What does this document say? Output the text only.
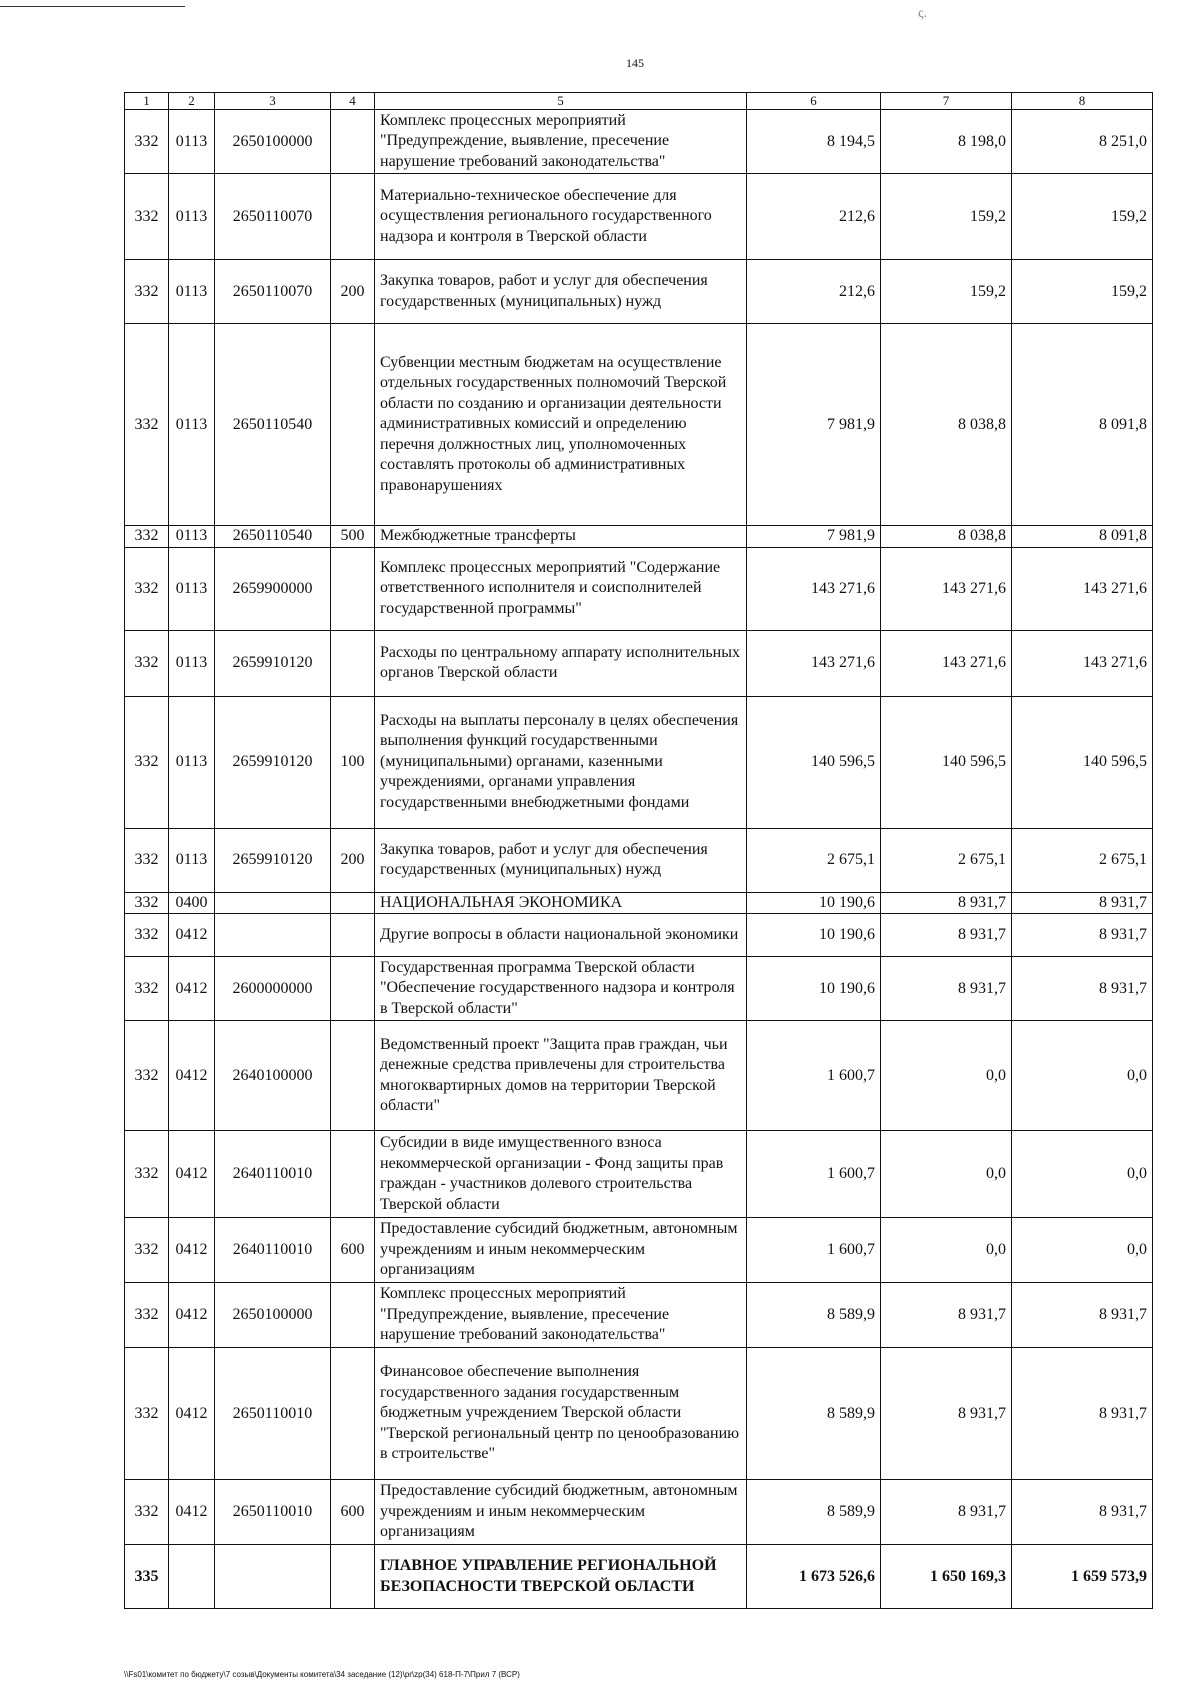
ς.
145
1	2	3	4	5	6	7	8
332	0113	2650100000		Комплекс процессных мероприятий "Предупреждение, выявление, пресечение нарушение требований законодательства"	8 194,5	8 198,0	8 251,0
332	0113	2650110070		Материально-техническое обеспечение для осуществления регионального государственного надзора и контроля в Тверской области	212,6	159,2	159,2
332	0113	2650110070	200	Закупка товаров, работ и услуг для обеспечения государственных (муниципальных) нужд	212,6	159,2	159,2
332	0113	2650110540		Субвенции местным бюджетам на осуществление отдельных государственных полномочий Тверской области по созданию и организации деятельности административных комиссий и определению перечня должностных лиц, уполномоченных составлять протоколы об административных правонарушениях	7 981,9	8 038,8	8 091,8
332	0113	2650110540	500	Межбюджетные трансферты	7 981,9	8 038,8	8 091,8
332	0113	2659900000		Комплекс процессных мероприятий "Содержание ответственного исполнителя и соисполнителей государственной программы"	143 271,6	143 271,6	143 271,6
332	0113	2659910120		Расходы по центральному аппарату исполнительных органов Тверской области	143 271,6	143 271,6	143 271,6
332	0113	2659910120	100	Расходы на выплаты персоналу в целях обеспечения выполнения функций государственными (муниципальными) органами, казенными учреждениями, органами управления государственными внебюджетными фондами	140 596,5	140 596,5	140 596,5
332	0113	2659910120	200	Закупка товаров, работ и услуг для обеспечения государственных (муниципальных) нужд	2 675,1	2 675,1	2 675,1
332	0400			НАЦИОНАЛЬНАЯ ЭКОНОМИКА	10 190,6	8 931,7	8 931,7
332	0412			Другие вопросы в области национальной экономики	10 190,6	8 931,7	8 931,7
332	0412	2600000000		Государственная программа Тверской области "Обеспечение государственного надзора и контроля в Тверской области"	10 190,6	8 931,7	8 931,7
332	0412	2640100000		Ведомственный проект "Защита прав граждан, чьи денежные средства привлечены для строительства многоквартирных домов на территории Тверской области"	1 600,7	0,0	0,0
332	0412	2640110010		Субсидии в виде имущественного взноса некоммерческой организации - Фонд защиты прав граждан - участников долевого строительства Тверской области	1 600,7	0,0	0,0
332	0412	2640110010	600	Предоставление субсидий бюджетным, автономным учреждениям и иным некоммерческим организациям	1 600,7	0,0	0,0
332	0412	2650100000		Комплекс процессных мероприятий "Предупреждение, выявление, пресечение нарушение требований законодательства"	8 589,9	8 931,7	8 931,7
332	0412	2650110010		Финансовое обеспечение выполнения государственного задания государственным бюджетным учреждением Тверской области "Тверской региональный центр по ценообразованию в строительстве"	8 589,9	8 931,7	8 931,7
332	0412	2650110010	600	Предоставление субсидий бюджетным, автономным учреждениям и иным некоммерческим организациям	8 589,9	8 931,7	8 931,7
335				ГЛАВНОЕ УПРАВЛЕНИЕ РЕГИОНАЛЬНОЙ БЕЗОПАСНОСТИ ТВЕРСКОЙ ОБЛАСТИ	1 673 526,6	1 650 169,3	1 659 573,9
\\Fs01\комитет по бюджету\7 созыв\Документы комитета\34 заседание (12)\pr\zp(34) 618-П-7\Прил 7 (ВСР)
